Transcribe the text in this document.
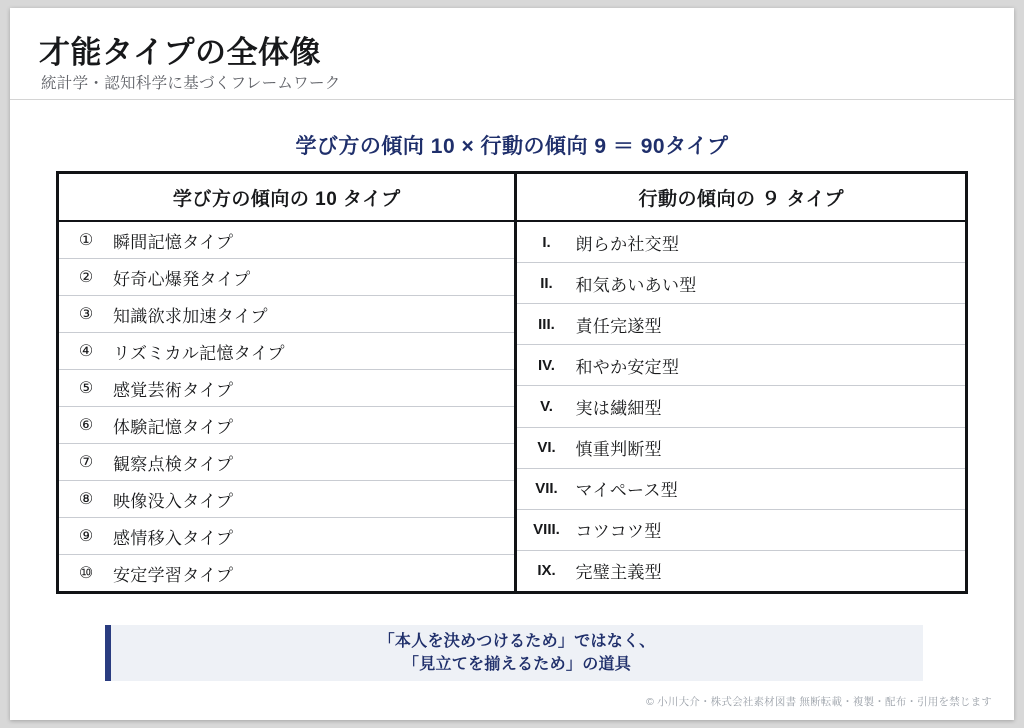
才能タイプの全体像
統計学・認知科学に基づくフレームワーク
学び方の傾向 10 × 行動の傾向 9 ＝ 90タイプ
学び方の傾向の 10 タイプ
①	瞬間記憶タイプ
②	好奇心爆発タイプ
③	知識欲求加速タイプ
④	リズミカル記憶タイプ
⑤	感覚芸術タイプ
⑥	体験記憶タイプ
⑦	観察点検タイプ
⑧	映像没入タイプ
⑨	感情移入タイプ
⑩	安定学習タイプ
行動の傾向の ９ タイプ
I.	朗らか社交型
II.	和気あいあい型
III.	責任完遂型
IV.	和やか安定型
V.	実は繊細型
VI.	慎重判断型
VII.	マイペース型
VIII. コツコツ型
IX.	完璧主義型
「本人を決めつけるため」ではなく、
「見立てを揃えるため」の道具
© 小川大介・株式会社素材図書 無断転載・複製・配布・引用を禁じます
